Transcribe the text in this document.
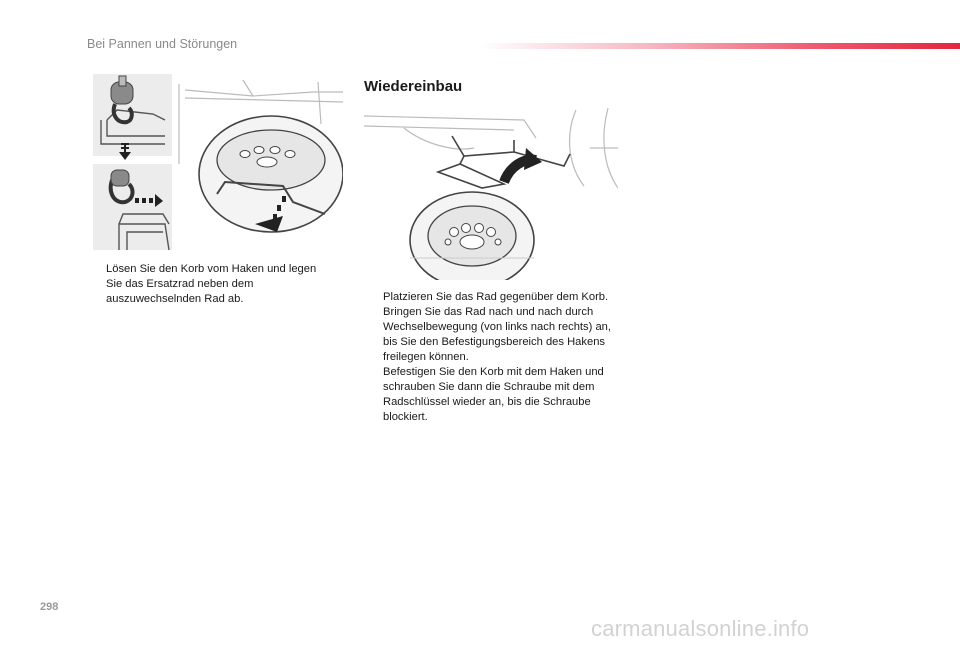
Bei Pannen und Störungen
Lösen Sie den Korb vom Haken und legen Sie das Ersatzrad neben dem auszuwechselnden Rad ab.
Wiedereinbau
Platzieren Sie das Rad gegenüber dem Korb.
Bringen Sie das Rad nach und nach durch Wechselbewegung (von links nach rechts) an, bis Sie den Befestigungsbereich des Hakens freilegen können.
Befestigen Sie den Korb mit dem Haken und schrauben Sie dann die Schraube mit dem Radschlüssel wieder an, bis die Schraube blockiert.
298
carmanualsonline.info
